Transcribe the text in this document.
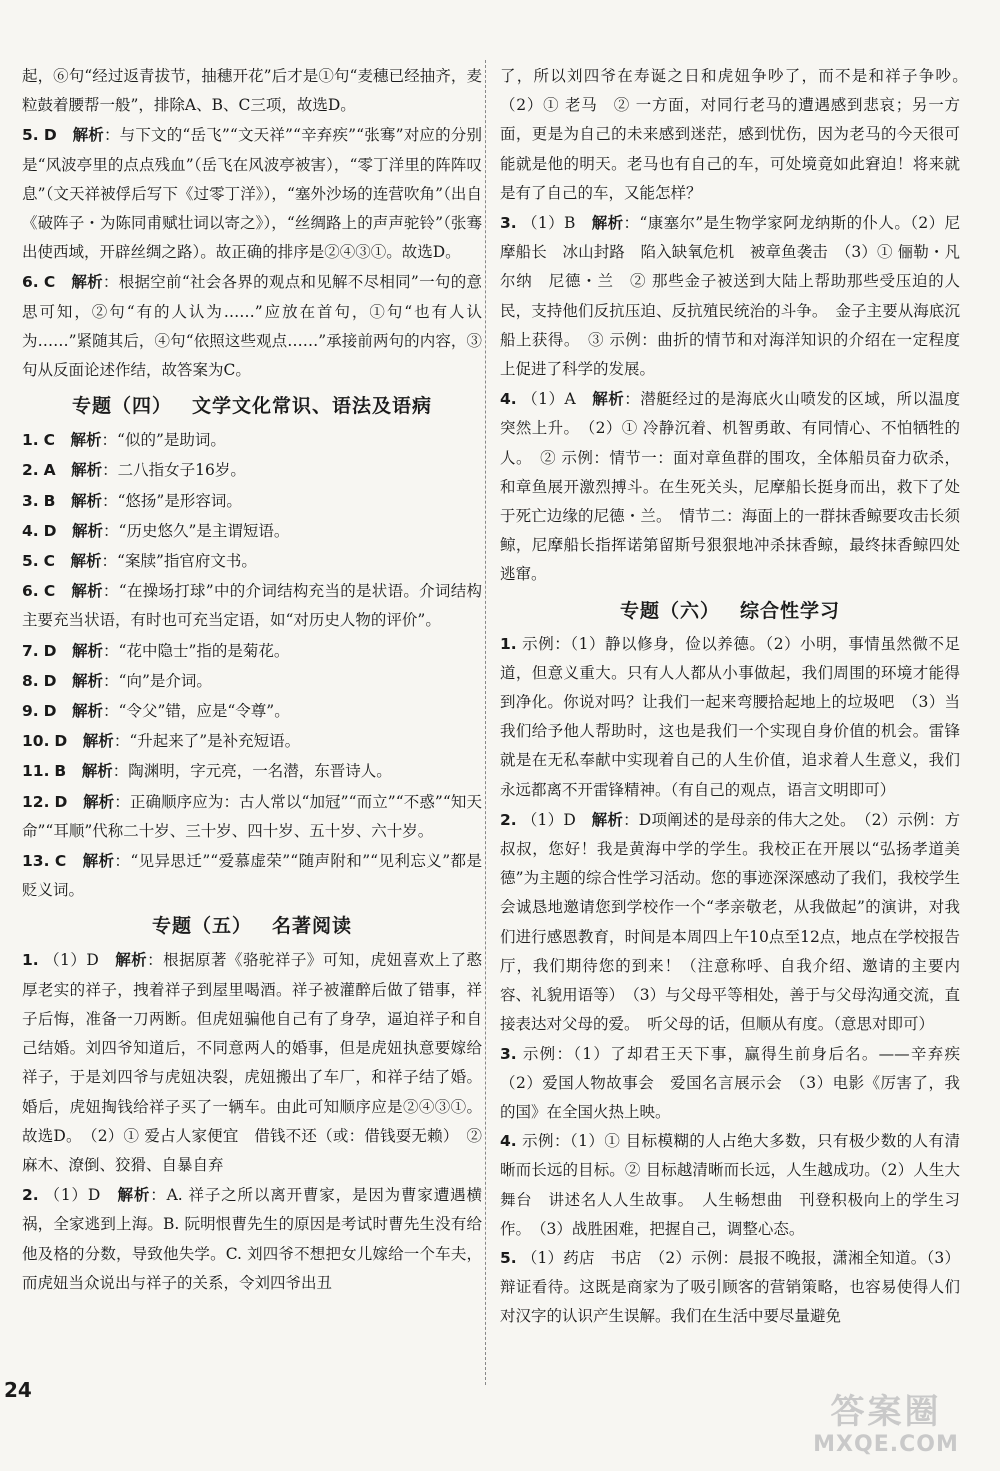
起，⑥句“经过返青拔节，抽穗开花”后才是①句“麦穗已经抽齐，麦粒鼓着腰帮一般”，排除A、B、C三项，故选D。

5. D　 解析：与下文的“岳飞”“文天祥”“辛弃疾”“张骞”对应的分别是“风波亭里的点点残血”（岳飞在风波亭被害），“零丁洋里的阵阵叹息”（文天祥被俘后写下《过零丁洋》），“塞外沙场的连营吹角”（出自《破阵子・为陈同甫赋壮词以寄之》），“丝绸路上的声声驼铃”（张骞出使西域，开辟丝绸之路）。故正确的排序是②④③①。故选D。

6. C　 解析：根据空前“社会各界的观点和见解不尽相同”一句的意思可知，②句“有的人认为……”应放在首句，①句“也有人认为……”紧随其后，④句“依照这些观点……”承接前两句的内容，③句从反面论述作结，故答案为C。

专题（四） 文学文化常识、语法及语病

1. C　 解析：“似的”是助词。

2. A　 解析：二八指女子16岁。

3. B　 解析：“悠扬”是形容词。

4. D　 解析：“历史悠久”是主谓短语。

5. C　 解析：“案牍”指官府文书。

6. C　 解析：“在操场打球”中的介词结构充当的是状语。介词结构主要充当状语，有时也可充当定语，如“对历史人物的评价”。

7. D　 解析：“花中隐士”指的是菊花。

8. D　 解析：“向”是介词。

9. D　 解析：“令父”错，应是“令尊”。

10. D　 解析：“升起来了”是补充短语。

11. B　 解析：陶渊明，字元亮，一名潜，东晋诗人。

12. D　 解析：正确顺序应为：古人常以“加冠”“而立”“不惑”“知天命”“耳顺”代称二十岁、三十岁、四十岁、五十岁、六十岁。

13. C　 解析：“见异思迁”“爱慕虚荣”“随声附和”“见利忘义”都是贬义词。

专题（五） 名著阅读

1. （1）D　 解析：根据原著《骆驼祥子》可知，虎妞喜欢上了憨厚老实的祥子，拽着祥子到屋里喝酒。祥子被灌醉后做了错事，祥子后悔，准备一刀两断。但虎妞骗他自己有了身孕，逼迫祥子和自己结婚。刘四爷知道后，不同意两人的婚事，但是虎妞执意要嫁给祥子，于是刘四爷与虎妞决裂，虎妞搬出了车厂，和祥子结了婚。婚后，虎妞掏钱给祥子买了一辆车。由此可知顺序应是②④③①。故选D。　（2）① 爱占人家便宜　借钱不还（或：借钱耍无赖）　② 麻木、潦倒、狡猾、自暴自弃

2. （1）D　 解析：A. 祥子之所以离开曹家，是因为曹家遭遇横祸，全家逃到上海。B. 阮明恨曹先生的原因是考试时曹先生没有给他及格的分数，导致他失学。C. 刘四爷不想把女儿嫁给一个车夫，而虎妞当众说出与祥子的关系，令刘四爷出丑

了，所以刘四爷在寿诞之日和虎妞争吵了，而不是和祥子争吵。　（2）① 老马　② 一方面，对同行老马的遭遇感到悲哀；另一方面，更是为自己的未来感到迷茫，感到忧伤，因为老马的今天很可能就是他的明天。老马也有自己的车，可处境竟如此窘迫！将来就是有了自己的车，又能怎样？

3. （1）B　 解析：“康塞尔”是生物学家阿龙纳斯的仆人。（2）尼摩船长　冰山封路　陷入缺氧危机　被章鱼袭击　（3）① 俪勒・凡尔纳　尼德・兰　② 那些金子被送到大陆上帮助那些受压迫的人民，支持他们反抗压迫、反抗殖民统治的斗争。　金子主要从海底沉船上获得。　③ 示例：曲折的情节和对海洋知识的介绍在一定程度上促进了科学的发展。

4. （1）A　 解析：潜艇经过的是海底火山喷发的区域，所以温度突然上升。　（2）① 冷静沉着、机智勇敢、有同情心、不怕牺牲的人。　② 示例：情节一：面对章鱼群的围攻，全体船员奋力砍杀，和章鱼展开激烈搏斗。在生死关头，尼摩船长挺身而出，救下了处于死亡边缘的尼德・兰。　情节二：海面上的一群抹香鲸要攻击长须鲸，尼摩船长指挥诺第留斯号狠狠地冲杀抹香鲸，最终抹香鲸四处逃窜。

专题（六） 综合性学习

1. 示例：（1）静以修身，俭以养德。（2）小明，事情虽然微不足道，但意义重大。只有人人都从小事做起，我们周围的环境才能得到净化。你说对吗？让我们一起来弯腰拾起地上的垃圾吧　（3）当我们给予他人帮助时，这也是我们一个实现自身价值的机会。雷锋就是在无私奉献中实现着自己的人生价值，追求着人生意义，我们永远都离不开雷锋精神。（有自己的观点，语言文明即可）

2. （1）D　解析：D项阐述的是母亲的伟大之处。　（2）示例：方叔叔，您好！我是黄海中学的学生。我校正在开展以“弘扬孝道美德”为主题的综合性学习活动。您的事迹深深感动了我们，我校学生会诚恳地邀请您到学校作一个“孝亲敬老，从我做起”的演讲，对我们进行感恩教育，时间是本周四上午10点至12点，地点在学校报告厅，我们期待您的到来！（注意称呼、自我介绍、邀请的主要内容、礼貌用语等）　（3）与父母平等相处，善于与父母沟通交流，直接表达对父母的爱。　听父母的话，但顺从有度。（意思对即可）

3. 示例：（1）了却君王天下事，赢得生前身后名。——辛弃疾　（2）爱国人物故事会　爱国名言展示会　（3）电影《厉害了，我的国》在全国火热上映。

4. 示例：（1）① 目标模糊的人占绝大多数，只有极少数的人有清晰而长远的目标。② 目标越清晰而长远，人生越成功。（2）人生大舞台　讲述名人人生故事。　人生畅想曲　刊登积极向上的学生习作。　（3）战胜困难，把握自己，调整心态。

5. （1）药店　书店　（2）示例：晨报不晚报，潇湘全知道。（3）辩证看待。这既是商家为了吸引顾客的营销策略，也容易使得人们对汉字的认识产生误解。我们在生活中要尽量避免

24
答案圈
MXQE.COM
